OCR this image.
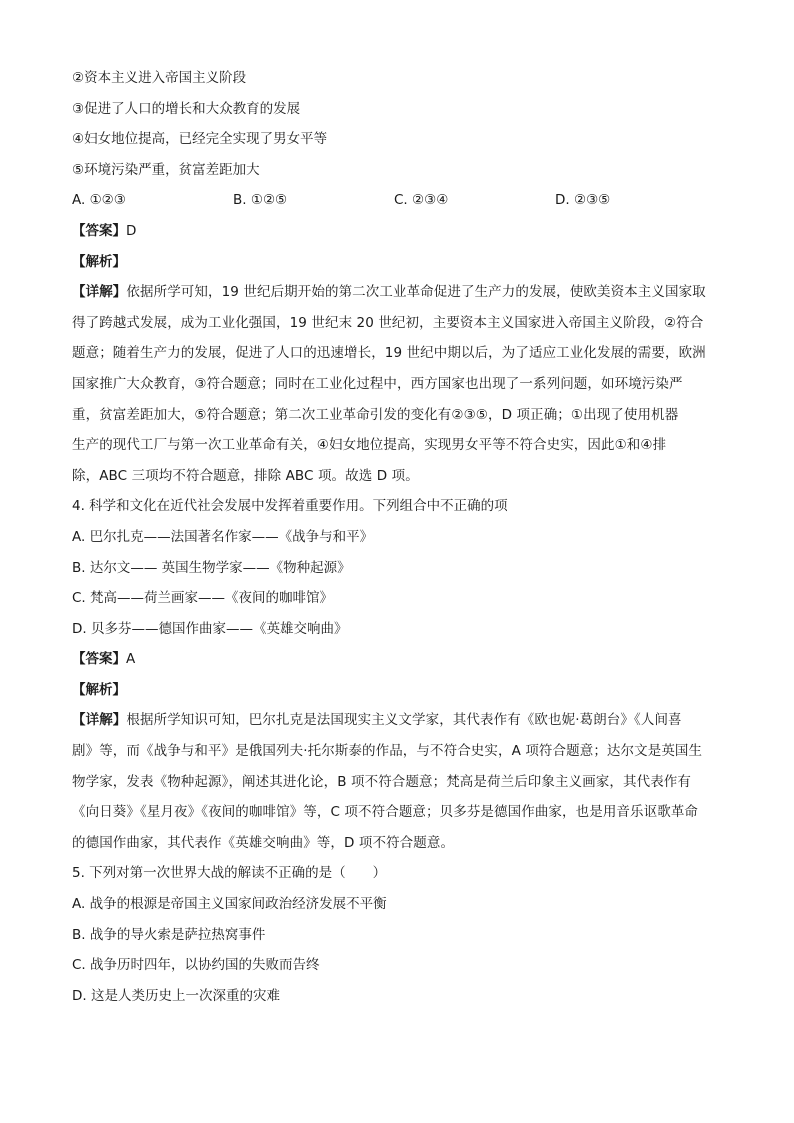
②资本主义进入帝国主义阶段
③促进了人口的增长和大众教育的发展
④妇女地位提高，已经完全实现了男女平等
⑤环境污染严重，贫富差距加大
A. ①②③	B. ①②⑤	C. ②③④	D. ②③⑤
【答案】D
【解析】
【详解】依据所学可知，19 世纪后期开始的第二次工业革命促进了生产力的发展，使欧美资本主义国家取
得了跨越式发展，成为工业化强国，19 世纪末 20 世纪初，主要资本主义国家进入帝国主义阶段，②符合
题意；随着生产力的发展，促进了人口的迅速增长，19 世纪中期以后，为了适应工业化发展的需要，欧洲
国家推广大众教育，③符合题意；同时在工业化过程中，西方国家也出现了一系列问题，如环境污染严
重，贫富差距加大，⑤符合题意；第二次工业革命引发的变化有②③⑤，D 项正确；①出现了使用机器
生产的现代工厂与第一次工业革命有关，④妇女地位提高，实现男女平等不符合史实，因此①和④排
除，ABC 三项均不符合题意，排除 ABC 项。故选 D 项。
4. 科学和文化在近代社会发展中发挥着重要作用。下列组合中不正确的项
A. 巴尔扎克——法国著名作家——《战争与和平》
B. 达尔文—— 英国生物学家——《物种起源》
C. 梵高——荷兰画家——《夜间的咖啡馆》
D. 贝多芬——德国作曲家——《英雄交响曲》
【答案】A
【解析】
【详解】根据所学知识可知，巴尔扎克是法国现实主义文学家，其代表作有《欧也妮·葛朗台》《人间喜
剧》等，而《战争与和平》是俄国列夫·托尔斯泰的作品，与不符合史实，A 项符合题意；达尔文是英国生
物学家，发表《物种起源》，阐述其进化论，B 项不符合题意；梵高是荷兰后印象主义画家，其代表作有
《向日葵》《星月夜》《夜间的咖啡馆》等，C 项不符合题意；贝多芬是德国作曲家，也是用音乐讴歌革命
的德国作曲家，其代表作《英雄交响曲》等，D 项不符合题意。
5. 下列对第一次世界大战的解读不正确的是（　　）
A. 战争的根源是帝国主义国家间政治经济发展不平衡
B. 战争的导火索是萨拉热窝事件
C. 战争历时四年，以协约国的失败而告终
D. 这是人类历史上一次深重的灾难
